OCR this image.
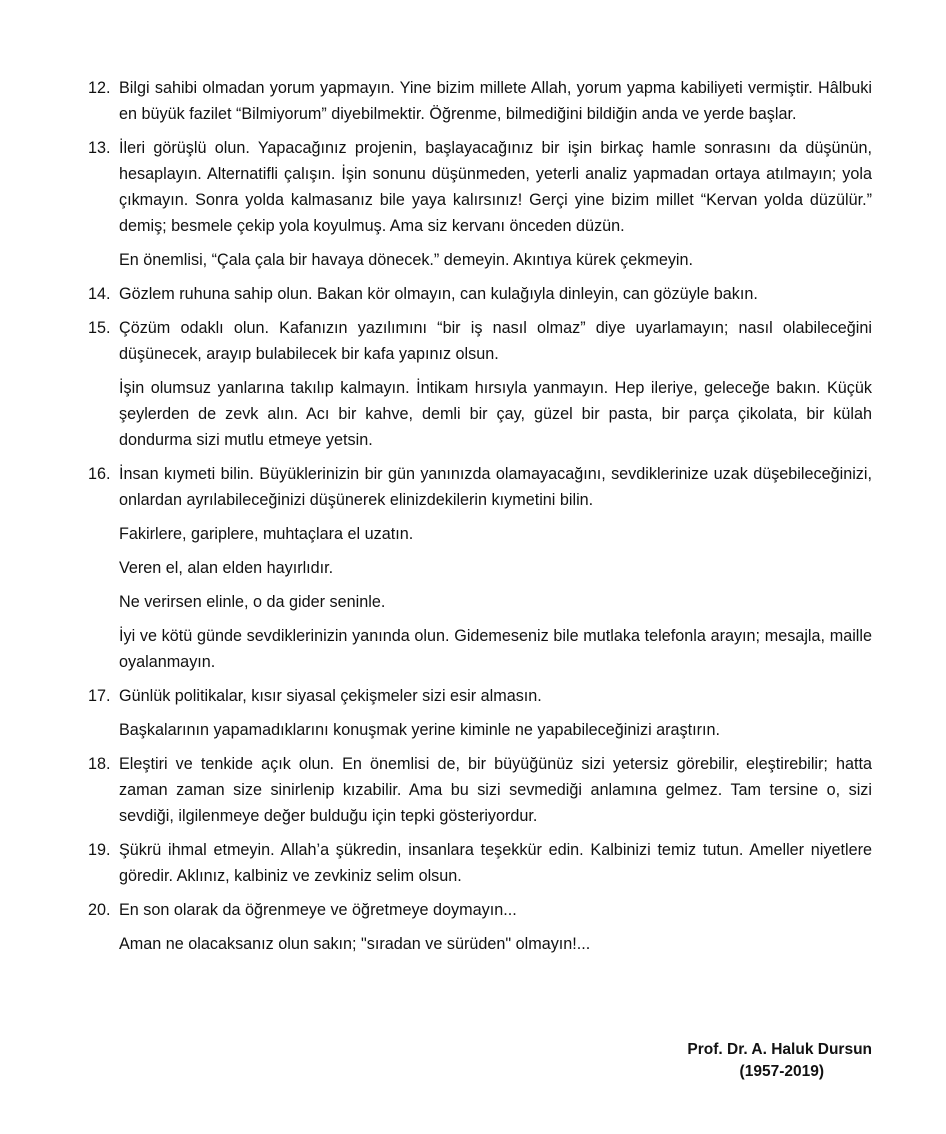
12. Bilgi sahibi olmadan yorum yapmayın. Yine bizim millete Allah, yorum yapma kabiliyeti vermiştir. Hâlbuki en büyük fazilet “Bilmiyorum” diyebilmektir. Öğrenme, bilmediğini bildiğin anda ve yerde başlar.

13. İleri görüşlü olun. Yapacağınız projenin, başlayacağınız bir işin birkaç hamle sonrasını da düşünün, hesaplayın. Alternatifli çalışın. İşin sonunu düşünmeden, yeterli analiz yapmadan ortaya atılmayın; yola çıkmayın. Sonra yolda kalmasanız bile yaya kalırsınız! Gerçi yine bizim millet “Kervan yolda düzülür.” demiş; besmele çekip yola koyulmuş. Ama siz kervanı önceden düzün.

En önemlisi, “Çala çala bir havaya dönecek.” demeyin. Akıntıya kürek çekmeyin.

14. Gözlem ruhuna sahip olun. Bakan kör olmayın, can kulağıyla dinleyin, can gözüyle bakın.

15. Çözüm odaklı olun. Kafanızın yazılımını “bir iş nasıl olmaz” diye uyarlamayın; nasıl olabileceğini düşünecek, arayıp bulabilecek bir kafa yapınız olsun.

İşin olumsuz yanlarına takılıp kalmayın. İntikam hırsıyla yanmayın. Hep ileriye, geleceğe bakın. Küçük şeylerden de zevk alın. Acı bir kahve, demli bir çay, güzel bir pasta, bir parça çikolata, bir külah dondurma sizi mutlu etmeye yetsin.

16. İnsan kıymeti bilin. Büyüklerinizin bir gün yanınızda olamayacağını, sevdiklerinize uzak düşebileceğinizi, onlardan ayrılabileceğinizi düşünerek elinizdekilerin kıymetini bilin.

Fakirlere, gariplere, muhtaçlara el uzatın.

Veren el, alan elden hayırlıdır.

Ne verirsen elinle, o da gider seninle.

İyi ve kötü günde sevdiklerinizin yanında olun. Gidemeseniz bile mutlaka telefonla arayın; mesajla, maille oyalanmayın.

17. Günlük politikalar, kısır siyasal çekişmeler sizi esir almasın.

Başkalarının yapamadıklarını konuşmak yerine kiminle ne yapabileceğinizi araştırın.

18. Eleştiri ve tenkide açık olun. En önemlisi de, bir büyüğünüz sizi yetersiz görebilir, eleştirebilir; hatta zaman zaman size sinirlenip kızabilir. Ama bu sizi sevmediği anlamına gelmez. Tam tersine o, sizi sevdiği, ilgilenmeye değer bulduğu için tepki gösteriyordur.

19. Şükrü ihmal etmeyin. Allah’a şükredin, insanlara teşekkür edin. Kalbinizi temiz tutun. Ameller niyetlere göredir. Aklınız, kalbiniz ve zevkiniz selim olsun.

20. En son olarak da öğrenmeye ve öğretmeye doymayın...

Aman ne olacaksanız olun sakın; "sıradan ve sürüden" olmayın!...

Prof. Dr. A. Haluk Dursun
(1957-2019)
